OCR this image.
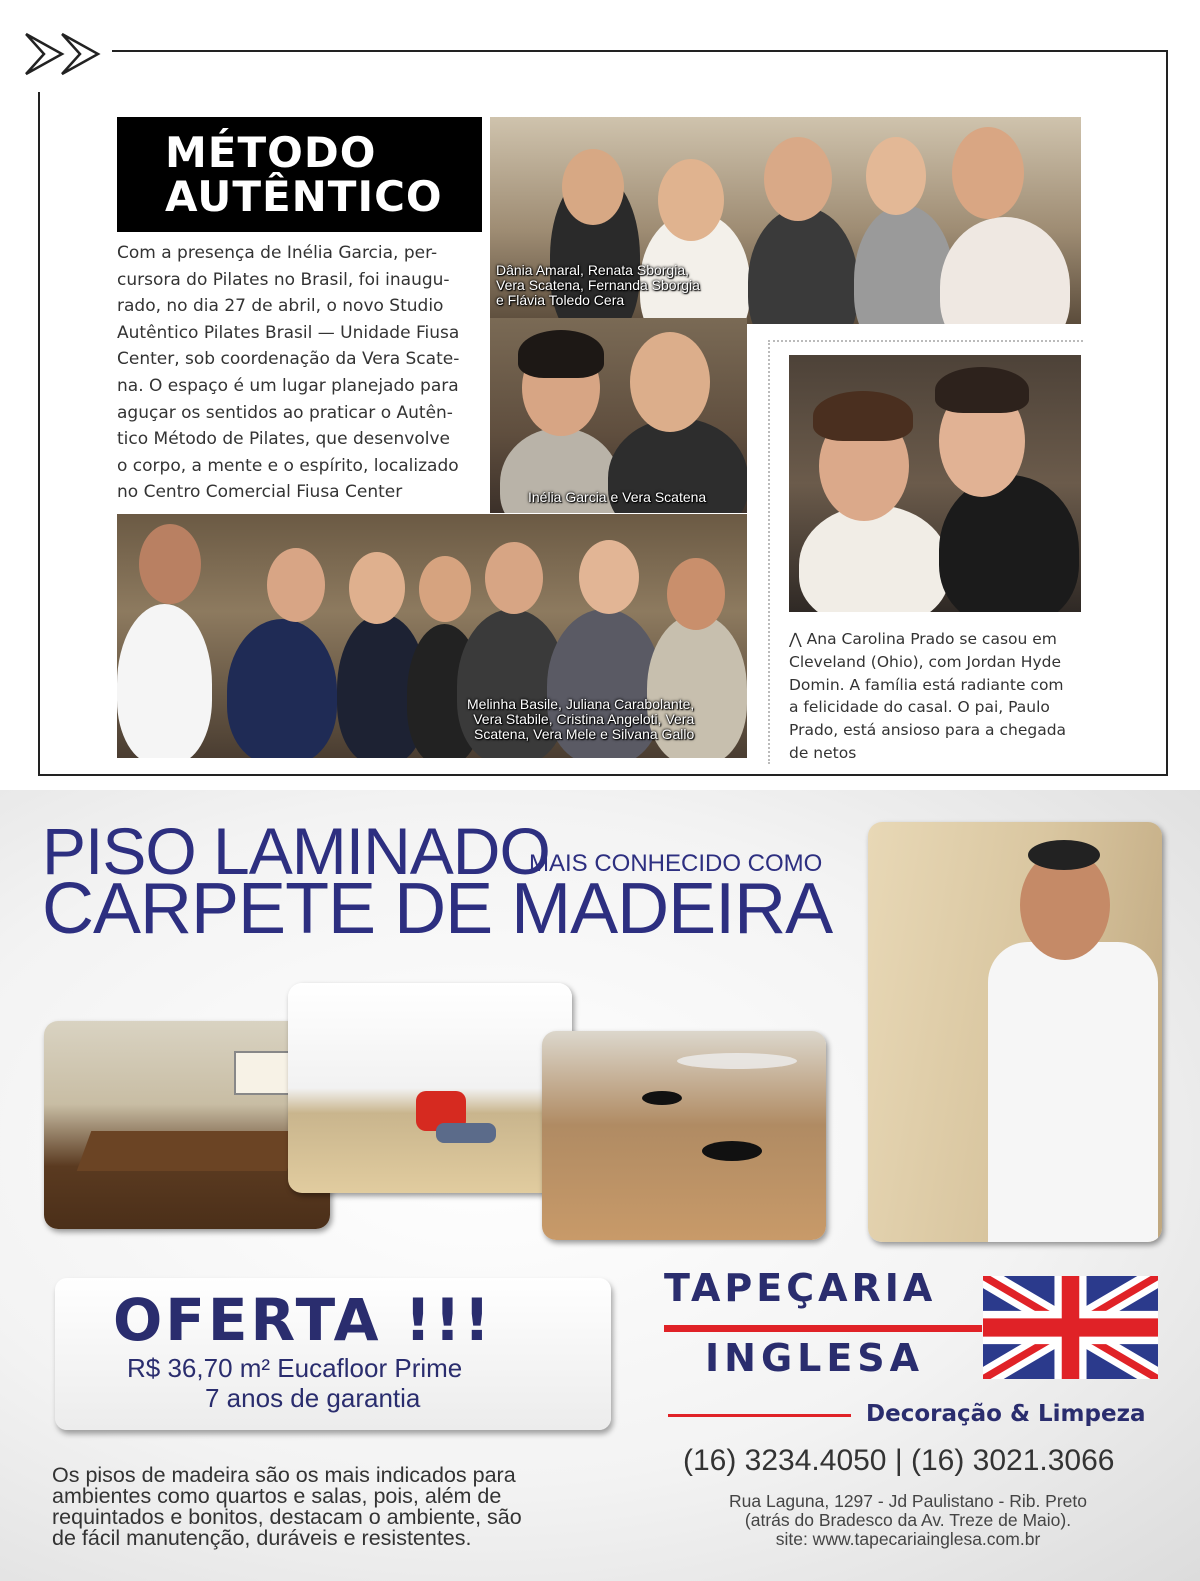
MÉTODO
AUTÊNTICO
Com a presença de Inélia Garcia, per-
cursora do Pilates no Brasil, foi inaugu-
rado, no dia 27 de abril, o novo Studio
Autêntico Pilates Brasil — Unidade Fiusa
Center, sob coordenação da Vera Scate-
na. O espaço é um lugar planejado para
aguçar os sentidos ao praticar o Autên-
tico Método de Pilates, que desenvolve
o corpo, a mente e o espírito, localizado
no Centro Comercial Fiusa Center
Dânia Amaral, Renata Sborgia,
Vera Scatena, Fernanda Sborgia
e Flávia Toledo Cera
Inélia Garcia e Vera Scatena
Melinha Basile, Juliana Carabolante,
Vera Stabile, Cristina Angeloti, Vera
Scatena, Vera Mele e Silvana Gallo
⋀ Ana Carolina Prado se casou em
Cleveland (Ohio), com Jordan Hyde
Domin. A família está radiante com
a felicidade do casal. O pai, Paulo
Prado, está ansioso para a chegada
de netos
PISO LAMINADO
MAIS CONHECIDO COMO
CARPETE DE MADEIRA
OFERTA !!!
R$ 36,70 m² Eucafloor Prime
7 anos de garantia
Os pisos de madeira são os mais indicados para
ambientes como quartos e salas, pois, além de
requintados e bonitos, destacam o ambiente, são
de fácil manutenção, duráveis e resistentes.
TAPEÇARIA
INGLESA
Decoração & Limpeza
(16) 3234.4050 | (16) 3021.3066
Rua Laguna, 1297 - Jd Paulistano - Rib. Preto
(atrás do Bradesco da Av. Treze de Maio).
site: www.tapecariainglesa.com.br
